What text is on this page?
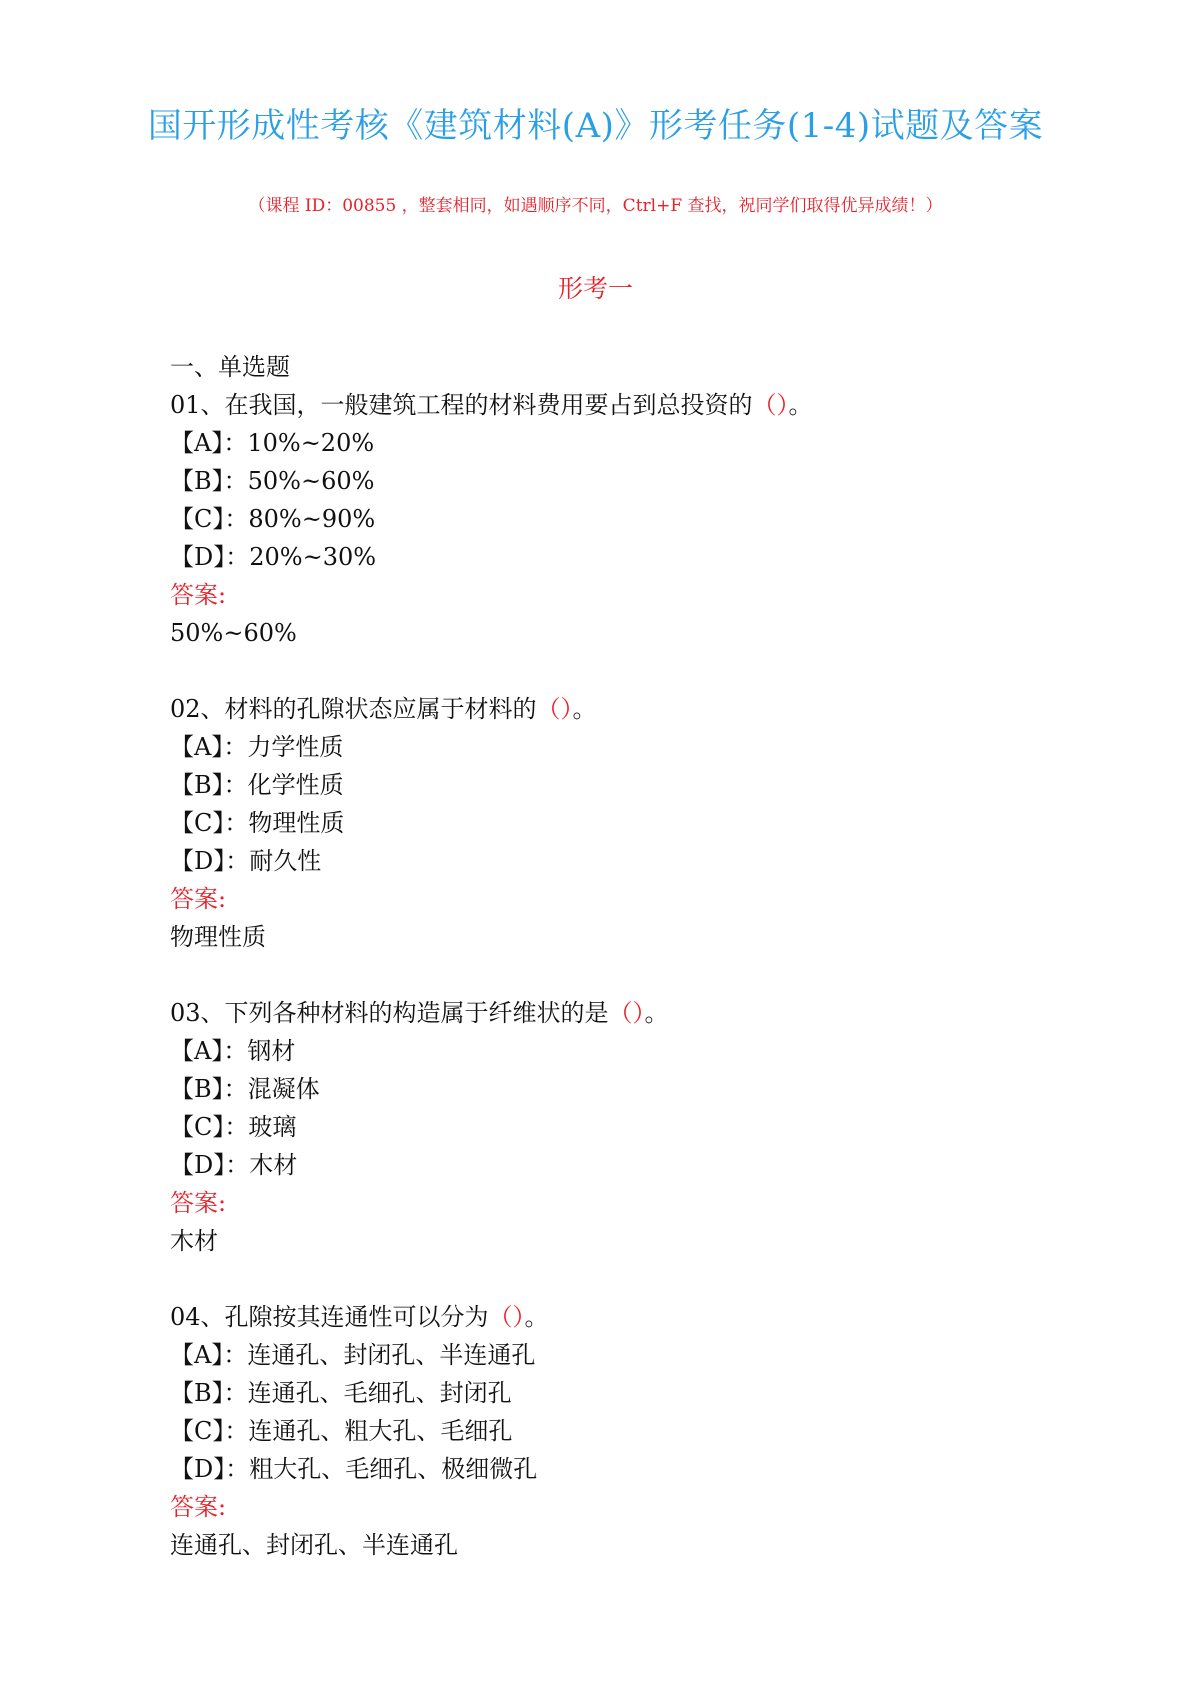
国开形成性考核《建筑材料(A)》形考任务(1-4)试题及答案

（课程 ID：00855 ，整套相同，如遇顺序不同，Ctrl+F 查找，祝同学们取得优异成绩！）

形考一
一、单选题
01、在我国，一般建筑工程的材料费用要占到总投资的（）。
【A】：10%~20%
【B】：50%~60%
【C】：80%~90%
【D】：20%~30%
答案:
50%~60%
02、材料的孔隙状态应属于材料的（）。
【A】：力学性质
【B】：化学性质
【C】：物理性质
【D】：耐久性
答案:
物理性质
03、下列各种材料的构造属于纤维状的是（）。
【A】：钢材
【B】：混凝体
【C】：玻璃
【D】：木材
答案:
木材
04、孔隙按其连通性可以分为（）。
【A】：连通孔、封闭孔、半连通孔
【B】：连通孔、毛细孔、封闭孔
【C】：连通孔、粗大孔、毛细孔
【D】：粗大孔、毛细孔、极细微孔
答案:
连通孔、封闭孔、半连通孔
